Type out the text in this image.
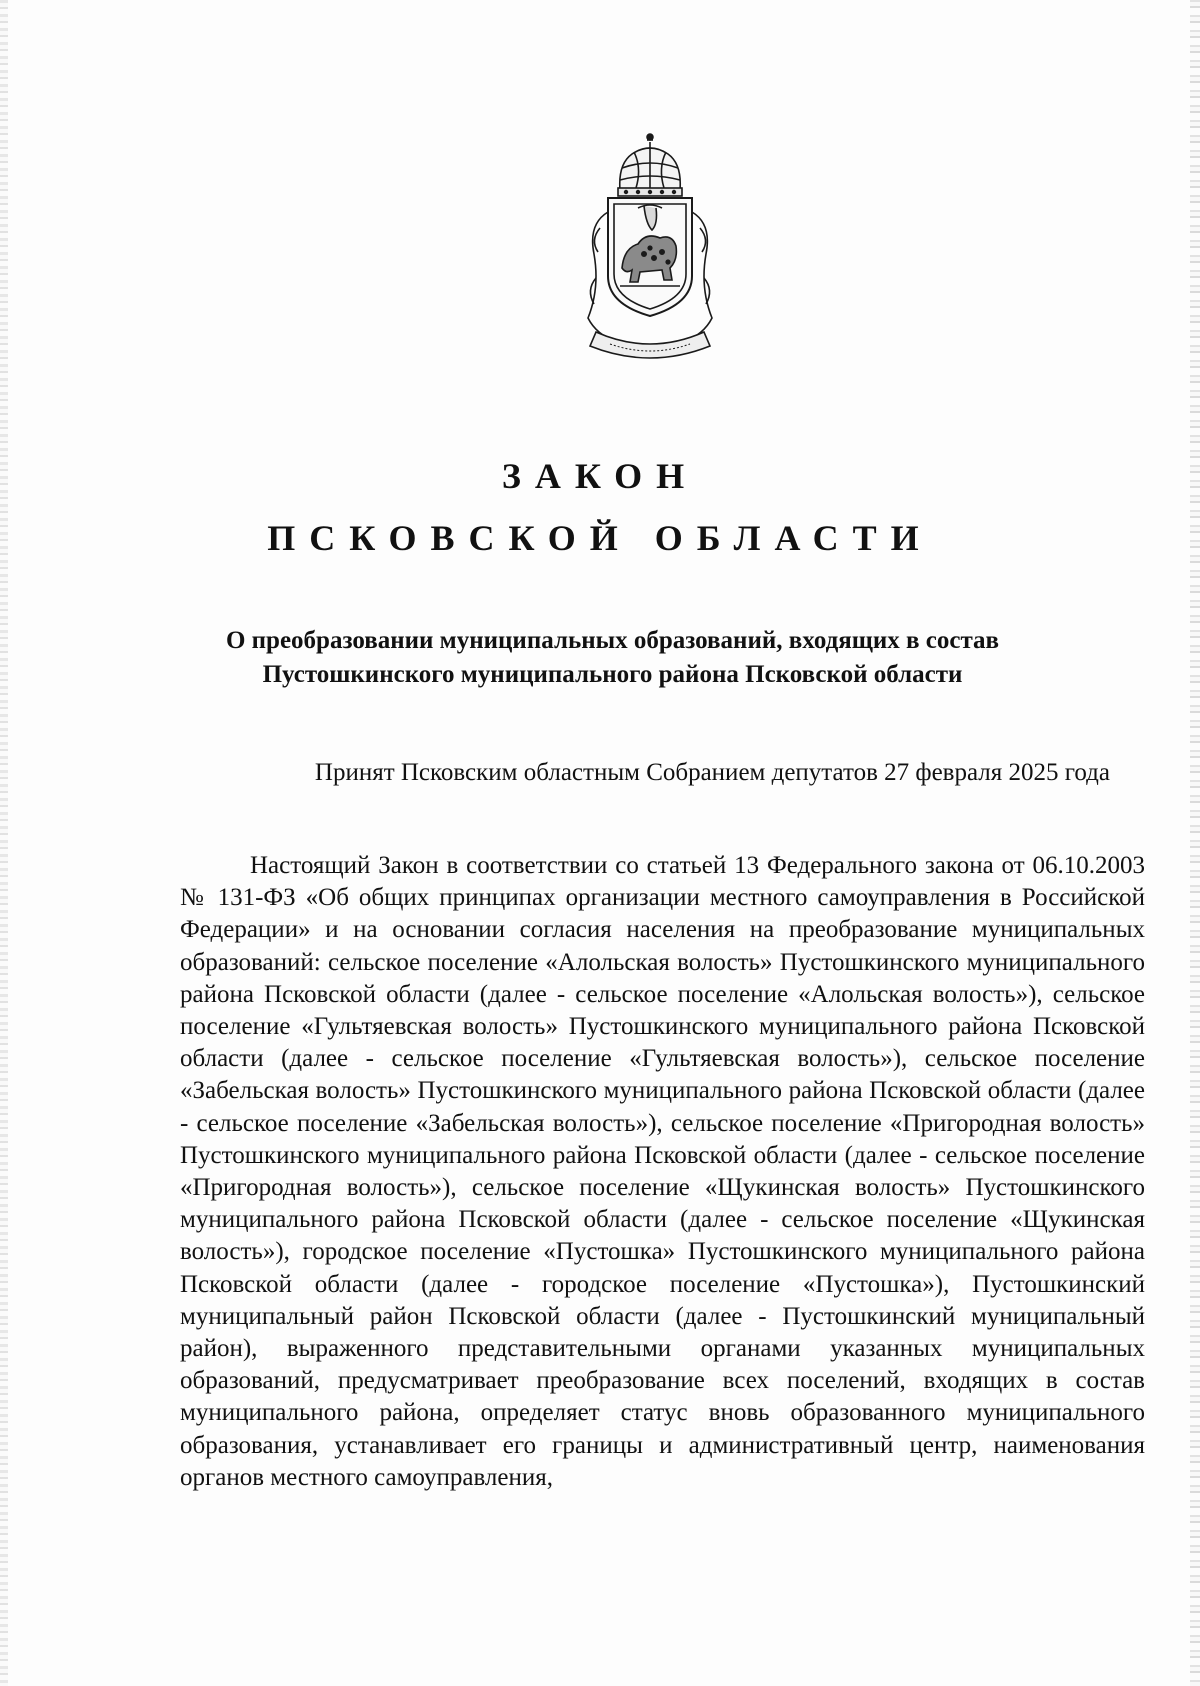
ЗАКОН
ПСКОВСКОЙ ОБЛАСТИ
О преобразовании муниципальных образований, входящих в состав Пустошкинского муниципального района Псковской области
Принят Псковским областным Собранием депутатов 27 февраля 2025 года

Настоящий Закон в соответствии со статьей 13 Федерального закона от 06.10.2003 № 131-ФЗ «Об общих принципах организации местного самоуправления в Российской Федерации» и на основании согласия населения на преобразование муниципальных образований: сельское поселение «Алольская волость» Пустошкинского муниципального района Псковской области (далее - сельское поселение «Алольская волость»), сельское поселение «Гультяевская волость» Пустошкинского муниципального района Псковской области (далее - сельское поселение «Гультяевская волость»), сельское поселение «Забельская волость» Пустошкинского муниципального района Псковской области (далее - сельское поселение «Забельская волость»), сельское поселение «Пригородная волость» Пустошкинского муниципального района Псковской области (далее - сельское поселение «Пригородная волость»), сельское поселение «Щукинская волость» Пустошкинского муниципального района Псковской области (далее - сельское поселение «Щукинская волость»), городское поселение «Пустошка» Пустошкинского муниципального района Псковской области (далее - городское поселение «Пустошка»), Пустошкинский муниципальный район Псковской области (далее - Пустошкинский муниципальный район), выраженного представительными органами указанных муниципальных образований, предусматривает преобразование всех поселений, входящих в состав муниципального района, определяет статус вновь образованного муниципального образования, устанавливает его границы и административный центр, наименования органов местного самоуправления,
